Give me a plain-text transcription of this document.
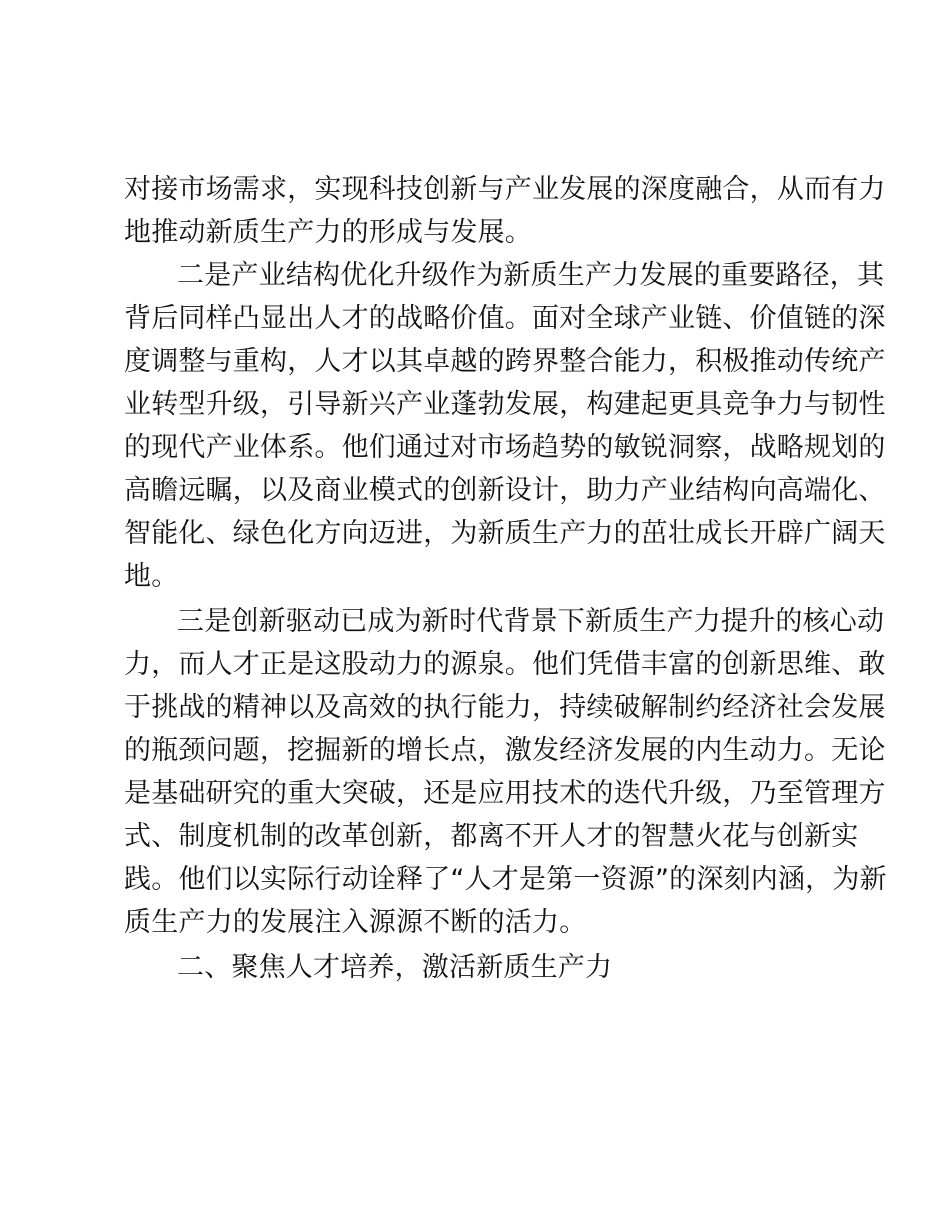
对接市场需求，实现科技创新与产业发展的深度融合，从而有力

地推动新质生产力的形成与发展。

二是产业结构优化升级作为新质生产力发展的重要路径，其

背后同样凸显出人才的战略价值。面对全球产业链、价值链的深

度调整与重构，人才以其卓越的跨界整合能力，积极推动传统产

业转型升级，引导新兴产业蓬勃发展，构建起更具竞争力与韧性

的现代产业体系。他们通过对市场趋势的敏锐洞察，战略规划的

高瞻远瞩，以及商业模式的创新设计，助力产业结构向高端化、

智能化、绿色化方向迈进，为新质生产力的茁壮成长开辟广阔天

地。

三是创新驱动已成为新时代背景下新质生产力提升的核心动

力，而人才正是这股动力的源泉。他们凭借丰富的创新思维、敢

于挑战的精神以及高效的执行能力，持续破解制约经济社会发展

的瓶颈问题，挖掘新的增长点，激发经济发展的内生动力。无论

是基础研究的重大突破，还是应用技术的迭代升级，乃至管理方

式、制度机制的改革创新，都离不开人才的智慧火花与创新实

践。他们以实际行动诠释了“人才是第一资源”的深刻内涵，为新

质生产力的发展注入源源不断的活力。

二、聚焦人才培养，激活新质生产力
